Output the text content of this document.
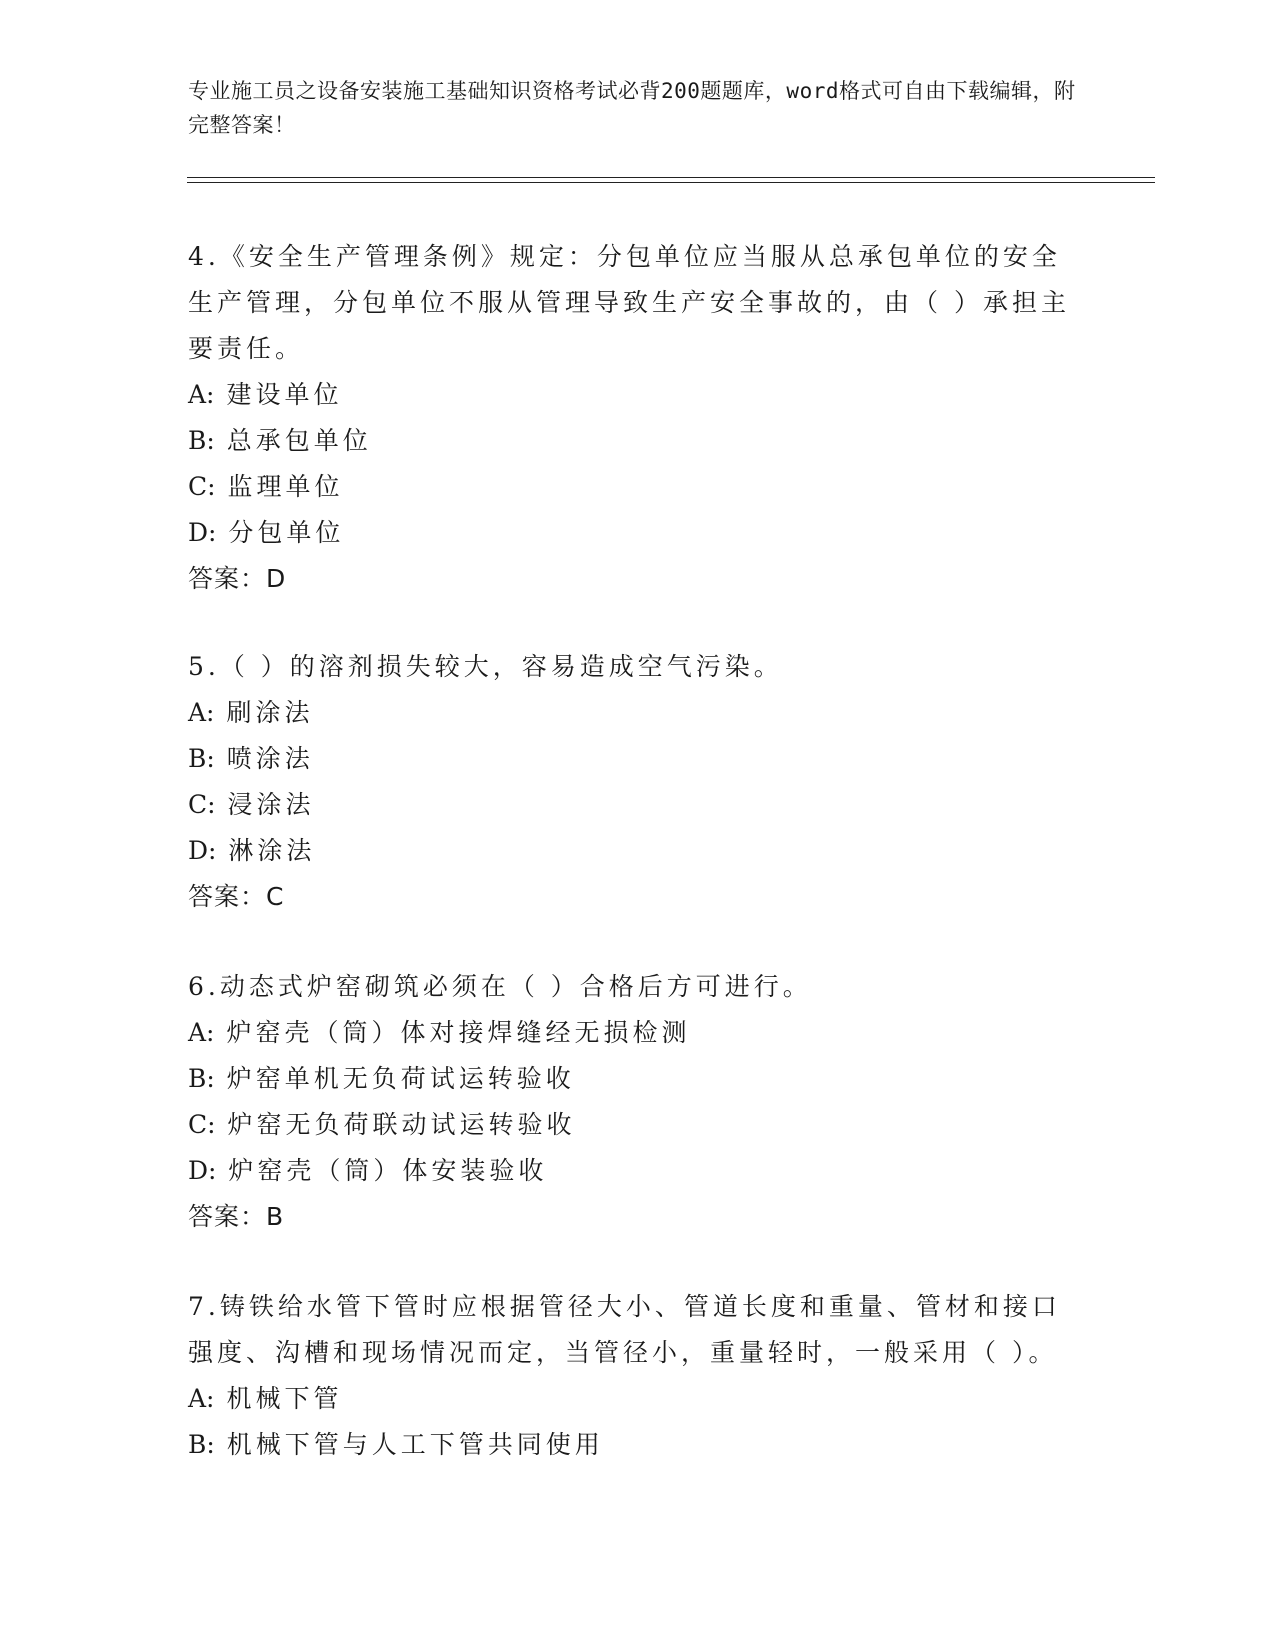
专业施工员之设备安装施工基础知识资格考试必背200题题库，word格式可自由下载编辑，附完整答案！
4.《安全生产管理条例》规定：分包单位应当服从总承包单位的安全生产管理，分包单位不服从管理导致生产安全事故的，由（ ）承担主要责任。
A: 建设单位
B: 总承包单位
C: 监理单位
D: 分包单位
答案：D
5.（ ）的溶剂损失较大，容易造成空气污染。
A: 刷涂法
B: 喷涂法
C: 浸涂法
D: 淋涂法
答案：C
6.动态式炉窑砌筑必须在（ ）合格后方可进行。
A: 炉窑壳（筒）体对接焊缝经无损检测
B: 炉窑单机无负荷试运转验收
C: 炉窑无负荷联动试运转验收
D: 炉窑壳（筒）体安装验收
答案：B
7.铸铁给水管下管时应根据管径大小、管道长度和重量、管材和接口强度、沟槽和现场情况而定，当管径小，重量轻时，一般采用（ ）。
A: 机械下管
B: 机械下管与人工下管共同使用
